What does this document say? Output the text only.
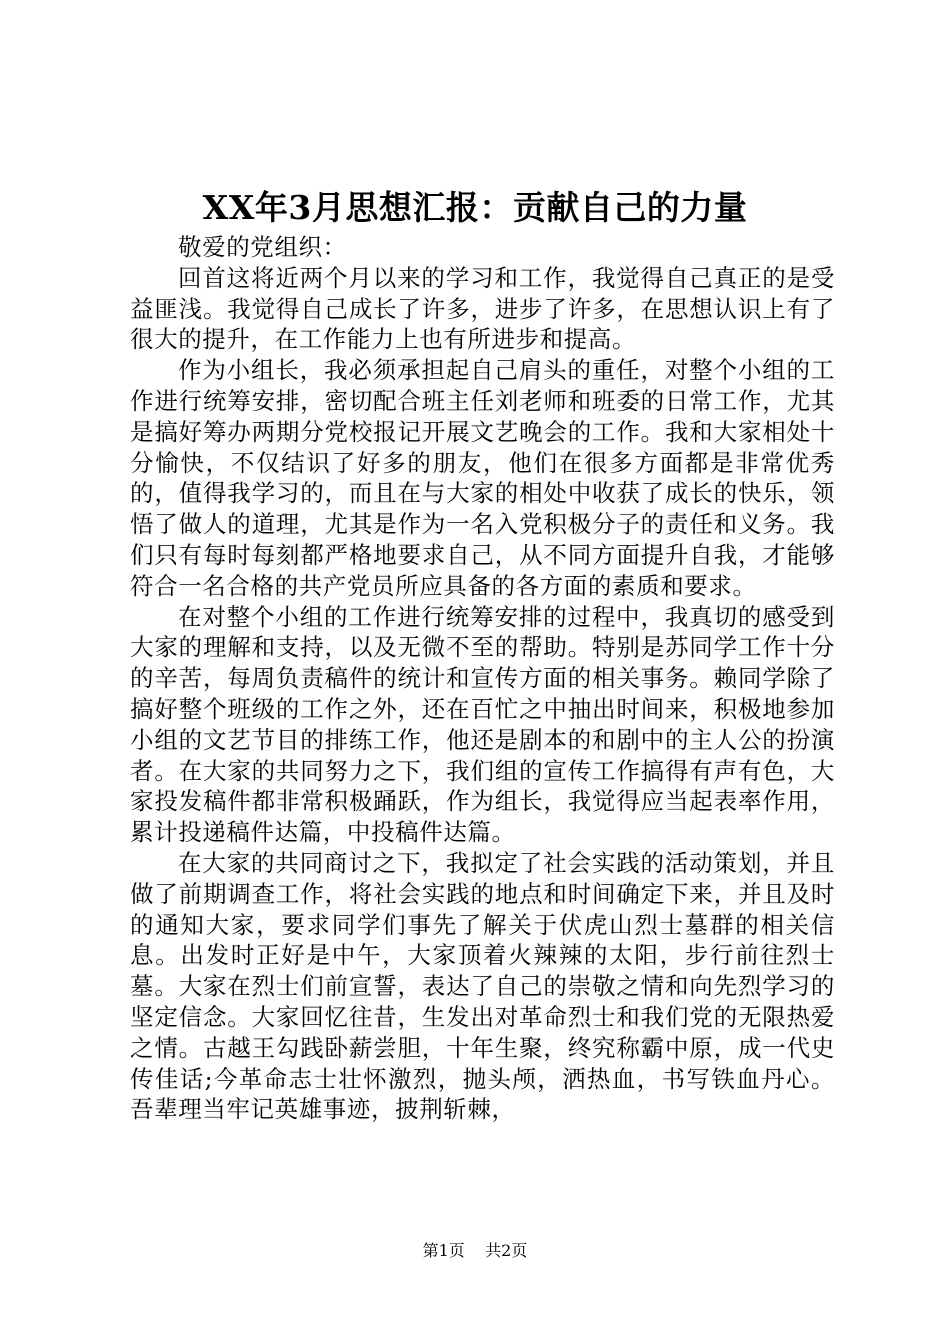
XX年3月思想汇报：贡献自己的力量

敬爱的党组织：

回首这将近两个月以来的学习和工作，我觉得自己真正的是受益匪浅。我觉得自己成长了许多，进步了许多，在思想认识上有了很大的提升，在工作能力上也有所进步和提高。

作为小组长，我必须承担起自己肩头的重任，对整个小组的工作进行统筹安排，密切配合班主任刘老师和班委的日常工作，尤其是搞好筹办两期分党校报记开展文艺晚会的工作。我和大家相处十分愉快，不仅结识了好多的朋友，他们在很多方面都是非常优秀的，值得我学习的，而且在与大家的相处中收获了成长的快乐，领悟了做人的道理，尤其是作为一名入党积极分子的责任和义务。我们只有每时每刻都严格地要求自己，从不同方面提升自我，才能够符合一名合格的共产党员所应具备的各方面的素质和要求。

在对整个小组的工作进行统筹安排的过程中，我真切的感受到大家的理解和支持，以及无微不至的帮助。特别是苏同学工作十分的辛苦，每周负责稿件的统计和宣传方面的相关事务。赖同学除了搞好整个班级的工作之外，还在百忙之中抽出时间来，积极地参加小组的文艺节目的排练工作，他还是剧本的和剧中的主人公的扮演者。在大家的共同努力之下，我们组的宣传工作搞得有声有色，大家投发稿件都非常积极踊跃，作为组长，我觉得应当起表率作用，累计投递稿件达篇，中投稿件达篇。

在大家的共同商讨之下，我拟定了社会实践的活动策划，并且做了前期调查工作，将社会实践的地点和时间确定下来，并且及时的通知大家，要求同学们事先了解关于伏虎山烈士墓群的相关信息。出发时正好是中午，大家顶着火辣辣的太阳，步行前往烈士墓。大家在烈士们前宣誓，表达了自己的崇敬之情和向先烈学习的坚定信念。大家回忆往昔，生发出对革命烈士和我们党的无限热爱之情。古越王勾践卧薪尝胆，十年生聚，终究称霸中原，成一代史传佳话;今革命志士壮怀激烈，抛头颅，洒热血，书写铁血丹心。吾辈理当牢记英雄事迹，披荆斩棘，

第1页 共2页
